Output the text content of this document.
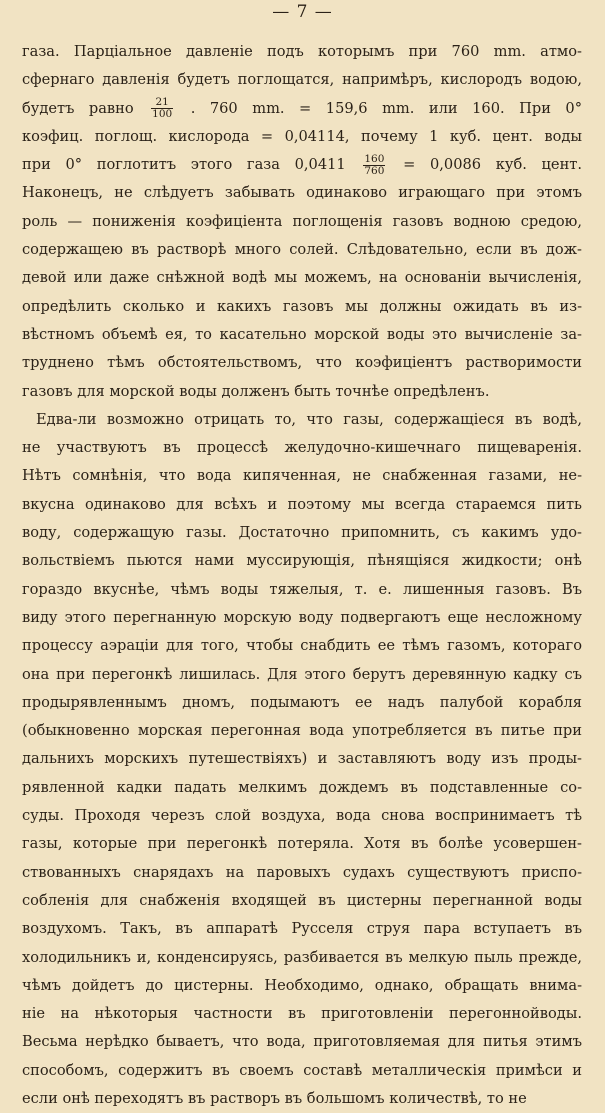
— 7 —
газа. Парціальное давленіе подъ которымъ при 760 mm. атмо-
сфернаго давленія будетъ поглощатся, напримѣръ, кислородъ водою,
будетъ равно $\frac{21}{100}$ . 760 mm. = 159,6 mm. или 160. При 0°
коэфиц. поглощ. кислорода = 0,04114, почему 1 куб. цент. воды
при 0° поглотитъ этого газа $0,0411 \frac{160}{760} = 0,0086$ куб. цент.
Наконецъ, не слѣдуетъ забывать одинаково играющаго при этомъ
роль — пониженія коэфиціента поглощенія газовъ водною средою,
содержащею въ растворѣ много солей. Слѣдовательно, если въ дож-
девой или даже снѣжной водѣ мы можемъ, на основаніи вычисленія,
опредѣлить сколько и какихъ газовъ мы должны ожидать въ из-
вѣстномъ объемѣ ея, то касательно морской воды это вычисленіе за-
труднено тѣмъ обстоятельствомъ, что коэфиціентъ растворимости
газовъ для морской воды долженъ быть точнѣе опредѣленъ.
Едва-ли возможно отрицать то, что газы, содержащіеся въ водѣ,
не участвуютъ въ процессѣ желудочно-кишечнаго пищеваренія.
Нѣтъ сомнѣнія, что вода кипяченная, не снабженная газами, не-
вкусна одинаково для всѣхъ и поэтому мы всегда стараемся пить
воду, содержащую газы. Достаточно припомнить, съ какимъ удо-
вольствіемъ пьются нами муссирующія, пѣнящіяся жидкости; онѣ
гораздо вкуснѣе, чѣмъ воды тяжелыя, т. е. лишенныя газовъ. Въ
виду этого перегнанную морскую воду подвергаютъ еще несложному
процессу аэраціи для того, чтобы снабдить ее тѣмъ газомъ, котораго
она при перегонкѣ лишилась. Для этого берутъ деревянную кадку съ
продырявленнымъ дномъ, подымаютъ ее надъ палубой корабля
(обыкновенно морская перегонная вода употребляется въ питье при
дальнихъ морскихъ путешествіяхъ) и заставляютъ воду изъ проды-
рявленной кадки падать мелкимъ дождемъ въ подставленные со-
суды. Проходя черезъ слой воздуха, вода снова воспринимаетъ тѣ
газы, которые при перегонкѣ потеряла. Хотя въ болѣе усовершен-
ствованныхъ снарядахъ на паровыхъ судахъ существуютъ приспо-
собленія для снабженія входящей въ цистерны перегнанной воды
воздухомъ. Такъ, въ аппаратѣ Русселя струя пара вступаетъ въ
холодильникъ и, конденсируясь, разбивается въ мелкую пыль прежде,
чѣмъ дойдетъ до цистерны. Необходимо, однако, обращать внима-
ніе на нѣкоторыя частности въ приготовленіи перегоннойводы.
Весьма нерѣдко бываетъ, что вода, приготовляемая для питья этимъ
способомъ, содержитъ въ своемъ составѣ металлическія примѣси и
если онѣ переходятъ въ растворъ въ большомъ количествѣ, то не
